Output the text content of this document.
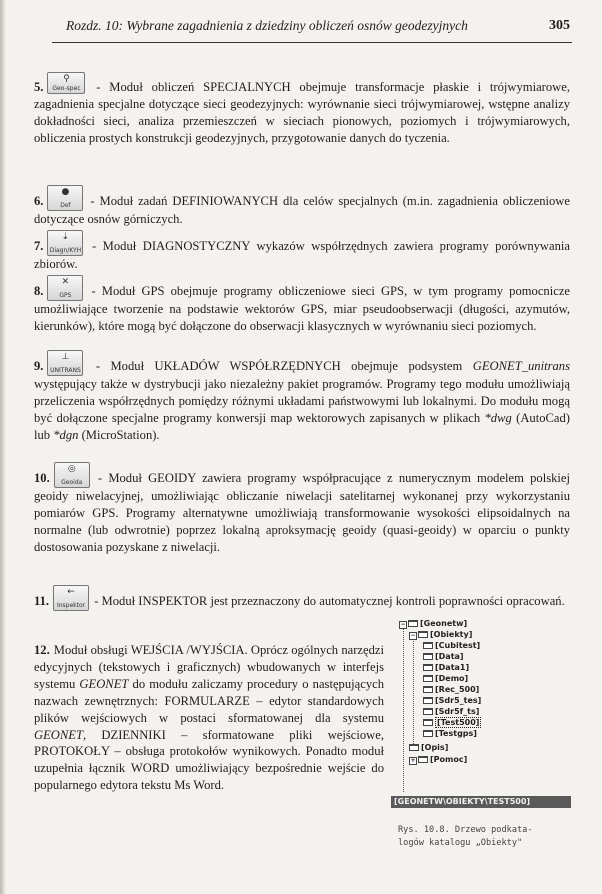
Rozdz. 10: Wybrane zagadnienia z dziedziny obliczeń osnów geodezyjnych	305

5.
⚲
Geo-spec - Moduł obliczeń SPECJALNYCH obejmuje transformacje płaskie i trójwymiarowe, zagadnienia specjalne dotyczące sieci geodezyjnych: wyrównanie sieci trójwymiarowej, wstępne analizy dokładności sieci, analiza przemieszczeń w sieciach pionowych, poziomych i trójwymiarowych, obliczenia prostych konstrukcji geodezyjnych, przygotowanie danych do tyczenia.

6.
●
Def	- Moduł zadań DEFINIOWANYCH dla celów specjalnych (m.in. zagadnienia obliczeniowe dotyczące osnów górniczych.

7.
⇣
Diagn/KYH - Moduł DIAGNOSTYCZNY wykazów współrzędnych zawiera programy porównywania zbiorów.

8.
✕
GPS	- Moduł GPS obejmuje programy obliczeniowe sieci GPS, w tym programy pomocnicze umożliwiające tworzenie na podstawie wektorów GPS, miar pseudoobserwacji (długości, azymutów, kierunków), które mogą być dołączone do obserwacji klasycznych w wyrównaniu sieci poziomych.

9.
⊥
UNITRANS - Moduł UKŁADÓW WSPÓŁRZĘDNYCH obejmuje podsystem GEONET_unitrans występujący także w dystrybucji jako niezależny pakiet programów. Programy tego modułu umożliwiają przeliczenia współrzędnych pomiędzy różnymi układami państwowymi lub lokalnymi. Do modułu mogą być dołączone specjalne programy konwersji map wektorowych zapisanych w plikach *dwg (AutoCad) lub *dgn (MicroStation).

10.
◎
Geoida - Moduł GEOIDY zawiera programy współpracujące z numerycznym modelem polskiej geoidy niwelacyjnej, umożliwiając obliczanie niwelacji satelitarnej wykonanej przy wykorzystaniu pomiarów GPS. Programy alternatywne umożliwiają transformowanie wysokości elipsoidalnych na normalne (lub odwrotnie) poprzez lokalną aproksymację geoidy (quasi-geoidy) w oparciu o punkty dostosowania pozyskane z niwelacji.

11.
←
Inspektor - Moduł INSPEKTOR jest przeznaczony do automatycznej kontroli poprawności opracowań.

12. Moduł obsługi WEJŚCIA /WYJŚCIA. Oprócz ogólnych narzędzi edycyjnych (tekstowych i graficznych) wbudowanych w interfejs systemu GEONET do modułu zaliczamy procedury o następujących nazwach zewnętrznych: FORMULARZE – edytor standardowych plików wejściowych w postaci sformatowanej dla systemu GEONET, DZIENNIKI – sformatowane pliki wejściowe, PROTOKOŁY – obsługa protokołów wynikowych. Ponadto moduł uzupełnia łącznik WORD umożliwiający bezpośrednie wejście do popularnego edytora tekstu Ms Word.

− [Geonetw]
− [Obiekty]
[Cubitest]
[Data]
[Data1]
[Demo]
[Rec_500]
[Sdr5_tes]
[Sdr5f_ts]
[Test500]
[Testgps]
[Opis]
+ [Pomoc]
[GEONETW\OBIEKTY\TEST500]
Rys. 10.8. Drzewo podkata-
logów katalogu „Obiekty"
